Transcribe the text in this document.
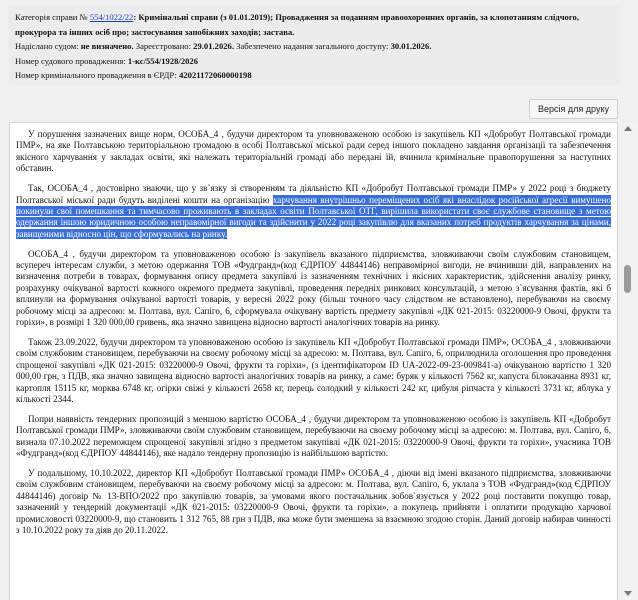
Категорія справи № 554/1022/22: Кримінальні справи (з 01.01.2019); Провадження за поданням правоохоронних органів, за клопотанням слідчого, прокурора та інших осіб про; застосування запобіжних заходів; застава.

Надіслано судом: не визначено. Зареєстровано: 29.01.2026. Забезпечено надання загального доступу: 30.01.2026.

Номер судового провадження: 1-кс/554/1928/2026

Номер кримінального провадження в ЄРДР: 42021172060000198

Версія для друку

У порушення зазначених вище норм, ОСОБА_4 , будучи директором та уповноваженою особою із закупівель КП «Добробут Полтавської громади ПМР», на яке Полтавською територіальною громадою в особі Полтавської міської ради серед іншого покладено завдання організації та забезпечення якісного харчування у закладах освіти, які належать територіальній громаді або передані їй, вчинила кримінальне правопорушення за наступних обставин.

Так, ОСОБА_4 , достовірно знаючи, що у зв`язку зі створенням та діяльністю КП «Добробут Полтавської громади ПМР» у 2022 році з бюджету Полтавської міської ради будуть виділені кошти на організацію харчування внутрішньо переміщених осіб які внаслідок російської агресії вимушено покинули свої помешкання та тимчасово проживають в закладах освіти Полтавської ОТГ, вирішила використати своє службове становище з метою одержання іншою юридичною особою неправомірної вигоди та здійснити у 2022 році закупівлю для вказаних потреб продуктів харчування за цінами, завищеними відносно цін, що сформувались на ринку.

ОСОБА_4 , будучи директором та уповноваженою особою із закупівель вказаного підприємства, зловживаючи своїм службовим становищем, всупереч інтересам служби, з метою одержання ТОВ «Фудгранд»(код ЄДРПОУ 44844146) неправомірної вигоди, не вчинивши дій, направлених на визначення потреби в товарах, формування опису предмета закупівлі із зазначенням технічних і якісних характеристик, здійснення аналізу ринку, розрахунку очікуваної вартості кожного окремого предмета закупівлі, проведення передніх ринкових консультацій, з метою з`ясування фактів, які б вплинули на формування очікуваної вартості товарів, у вересні 2022 року (більш точного часу слідством не встановлено), перебуваючи на своєму робочому місці за адресою: м. Полтава, вул. Сапіго, 6, сформувала очікувану вартість предмету закупівлі «ДК 021-2015: 03220000-9 Овочі, фрукти та горіхи», в розмірі 1 320 000,00 гривень, яка значно завищена відносно вартості аналогічних товарів на ринку.

Також 23.09.2022, будучи директором та уповноваженою особою із закупівель КП «Добробут Полтавської громади ПМР», ОСОБА_4 , зловживаючи своїм службовим становищем, перебуваючи на своєму робочому місці за адресою: м. Полтава, вул. Сапіго, 6, оприлюднила оголошення про проведення спрощеної закупівлі «ДК 021-2015: 03220000-9 Овочі, фрукти та горіхи», (з ідентифікатором ID UA-2022-09-23-009841-а) очікуваною вартістю 1 320 000,00 грн, з ПДВ, яка значно завищена відносно вартості аналогічних товарів на ринку, а саме: буряк у кількості 7562 кг, капуста білокачанна 8931 кг, картопля 15115 кг, морква 6748 кг, огірки свіжі у кількості 2658 кг, перець солодкий у кількості 242 кг, цибуля ріпчаста у кількості 3731 кг, яблука у кількості 2344.

Попри наявність тендерних пропозицій з меншою вартістю ОСОБА_4 , будучи директором та уповноваженою особою із закупівель КП «Добробут Полтавської громади ПМР», зловживаючи своїм службовим становищем, перебуваючи на своєму робочому місці за адресою: м. Полтава, вул. Сапіго, 6, визнала 07.10.2022 переможцем спрощеної закупівлі згідно з предметом закупівлі «ДК 021-2015: 03220000-9 Овочі, фрукти та горіхи», учасника ТОВ «Фудгранд»(код ЄДРПОУ 44844146), яке надало тендерну пропозицію із найбільшою вартістю.

У подальшому, 10.10.2022, директор КП «Добробут Полтавської громади ПМР» ОСОБА_4 , діючи від імені вказаного підприємства, зловживаючи своїм службовим становищем, перебуваючи на своєму робочому місці за адресою: м. Полтава, вул. Сапіго, 6, уклала з ТОВ «Фудгранд»(код ЄДРПОУ 44844146) договір № 13-ВПО/2022 про закупівлю товарів, за умовами якого постачальник зобов`язується у 2022 році поставити покупцю товар, зазначений у тендерній документації «ДК 021-2015: 03220000-9 Овочі, фрукти та горіхи», а покупець прийняти і оплатити продукцію харчової промисловості 03220000-9, що становить 1 312 765, 88 грн з ПДВ, яка може бути зменшена за взаємною згодою сторін. Даний договір набирав чинності з 10.10.2022 року та діяв до 20.11.2022.
